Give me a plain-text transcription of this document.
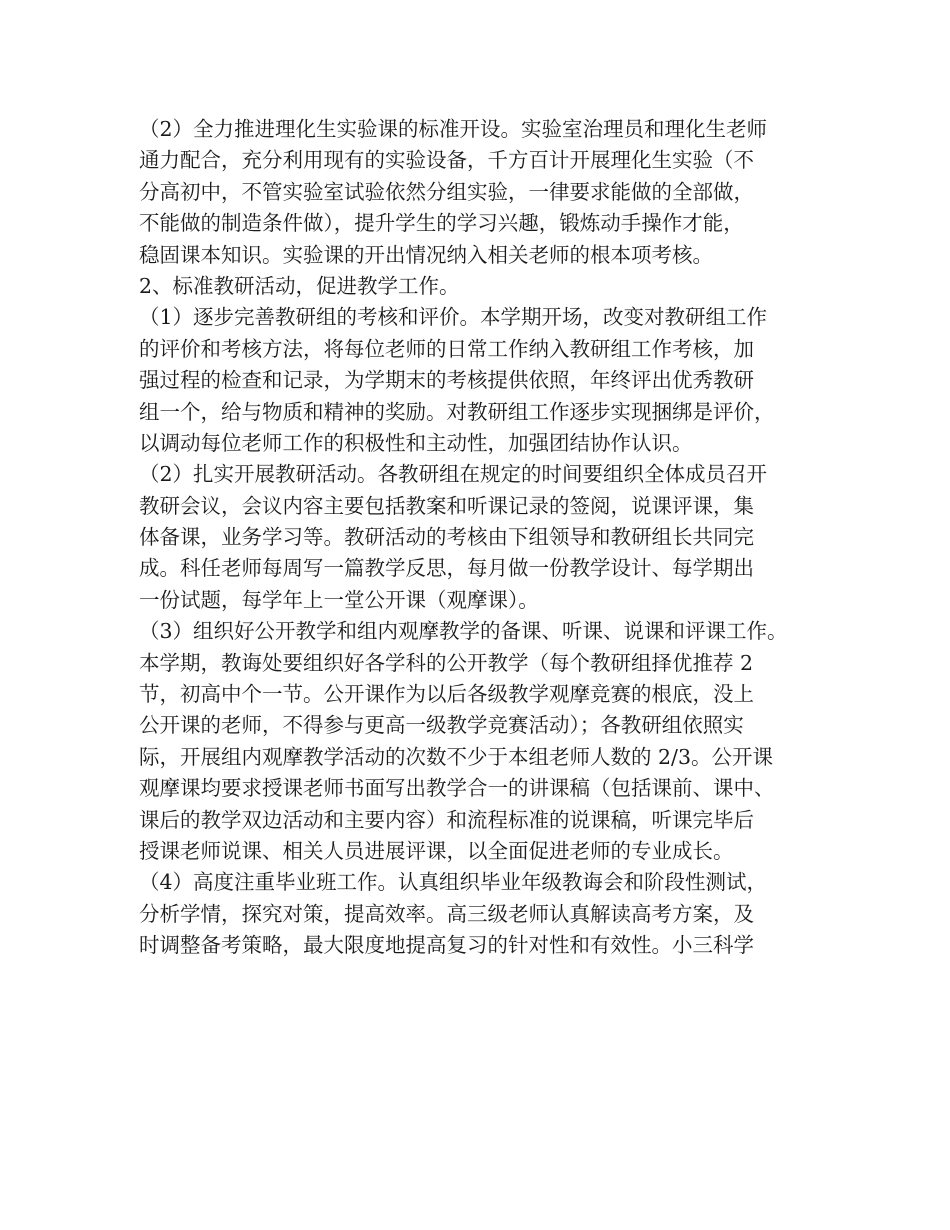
（2）全力推进理化生实验课的标准开设。实验室治理员和理化生老师
通力配合，充分利用现有的实验设备，千方百计开展理化生实验（不
分高初中，不管实验室试验依然分组实验，一律要求能做的全部做，
不能做的制造条件做），提升学生的学习兴趣，锻炼动手操作才能，
稳固课本知识。实验课的开出情况纳入相关老师的根本项考核。
2、标准教研活动，促进教学工作。
（1）逐步完善教研组的考核和评价。本学期开场，改变对教研组工作
的评价和考核方法，将每位老师的日常工作纳入教研组工作考核，加
强过程的检查和记录，为学期末的考核提供依照，年终评出优秀教研
组一个，给与物质和精神的奖励。对教研组工作逐步实现捆绑是评价，
以调动每位老师工作的积极性和主动性，加强团结协作认识。
（2）扎实开展教研活动。各教研组在规定的时间要组织全体成员召开
教研会议，会议内容主要包括教案和听课记录的签阅，说课评课，集
体备课，业务学习等。教研活动的考核由下组领导和教研组长共同完
成。科任老师每周写一篇教学反思，每月做一份教学设计、每学期出
一份试题，每学年上一堂公开课（观摩课）。
（3）组织好公开教学和组内观摩教学的备课、听课、说课和评课工作。
本学期，教诲处要组织好各学科的公开教学（每个教研组择优推荐 2
节，初高中个一节。公开课作为以后各级教学观摩竞赛的根底，没上
公开课的老师，不得参与更高一级教学竞赛活动）；各教研组依照实
际，开展组内观摩教学活动的次数不少于本组老师人数的 2/3。公开课
观摩课均要求授课老师书面写出教学合一的讲课稿（包括课前、课中、
课后的教学双边活动和主要内容）和流程标准的说课稿，听课完毕后
授课老师说课、相关人员进展评课，以全面促进老师的专业成长。
（4）高度注重毕业班工作。认真组织毕业年级教诲会和阶段性测试，
分析学情，探究对策，提高效率。高三级老师认真解读高考方案，及
时调整备考策略，最大限度地提高复习的针对性和有效性。小三科学
